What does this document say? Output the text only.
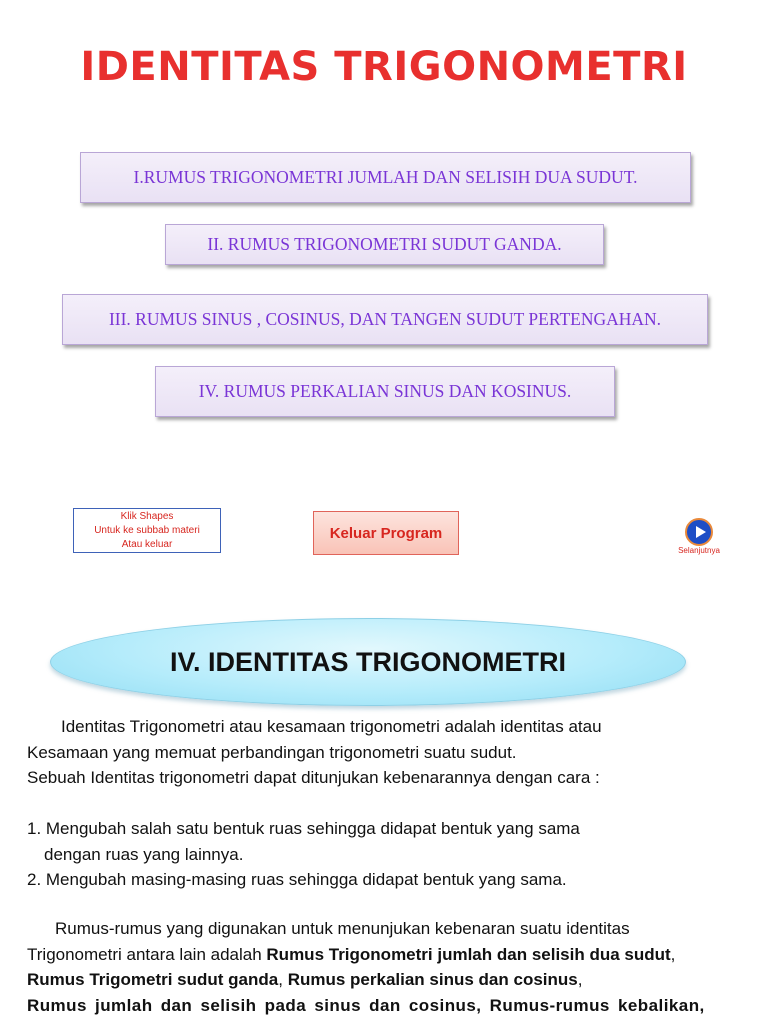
IDENTITAS TRIGONOMETRI
I.RUMUS TRIGONOMETRI JUMLAH DAN SELISIH DUA SUDUT.
II. RUMUS TRIGONOMETRI SUDUT GANDA.
III. RUMUS SINUS , COSINUS, DAN TANGEN SUDUT PERTENGAHAN.
IV. RUMUS PERKALIAN SINUS DAN KOSINUS.
Klik Shapes
Untuk ke subbab materi
Atau keluar
Keluar Program
Selanjutnya
IV. IDENTITAS TRIGONOMETRI

Identitas Trigonometri atau kesamaan trigonometri adalah identitas atau

Kesamaan yang memuat perbandingan trigonometri suatu sudut.

Sebuah Identitas trigonometri dapat ditunjukan kebenarannya dengan cara :

1. Mengubah salah satu bentuk ruas sehingga didapat bentuk yang sama

dengan ruas yang lainnya.

2. Mengubah masing-masing ruas sehingga didapat bentuk yang sama.

Rumus-rumus yang digunakan untuk menunjukan kebenaran suatu identitas

Trigonometri antara lain adalah Rumus Trigonometri jumlah dan selisih dua sudut,

Rumus Trigometri sudut ganda, Rumus perkalian sinus dan cosinus,

Rumus jumlah dan selisih pada sinus dan cosinus, Rumus-rumus kebalikan,
